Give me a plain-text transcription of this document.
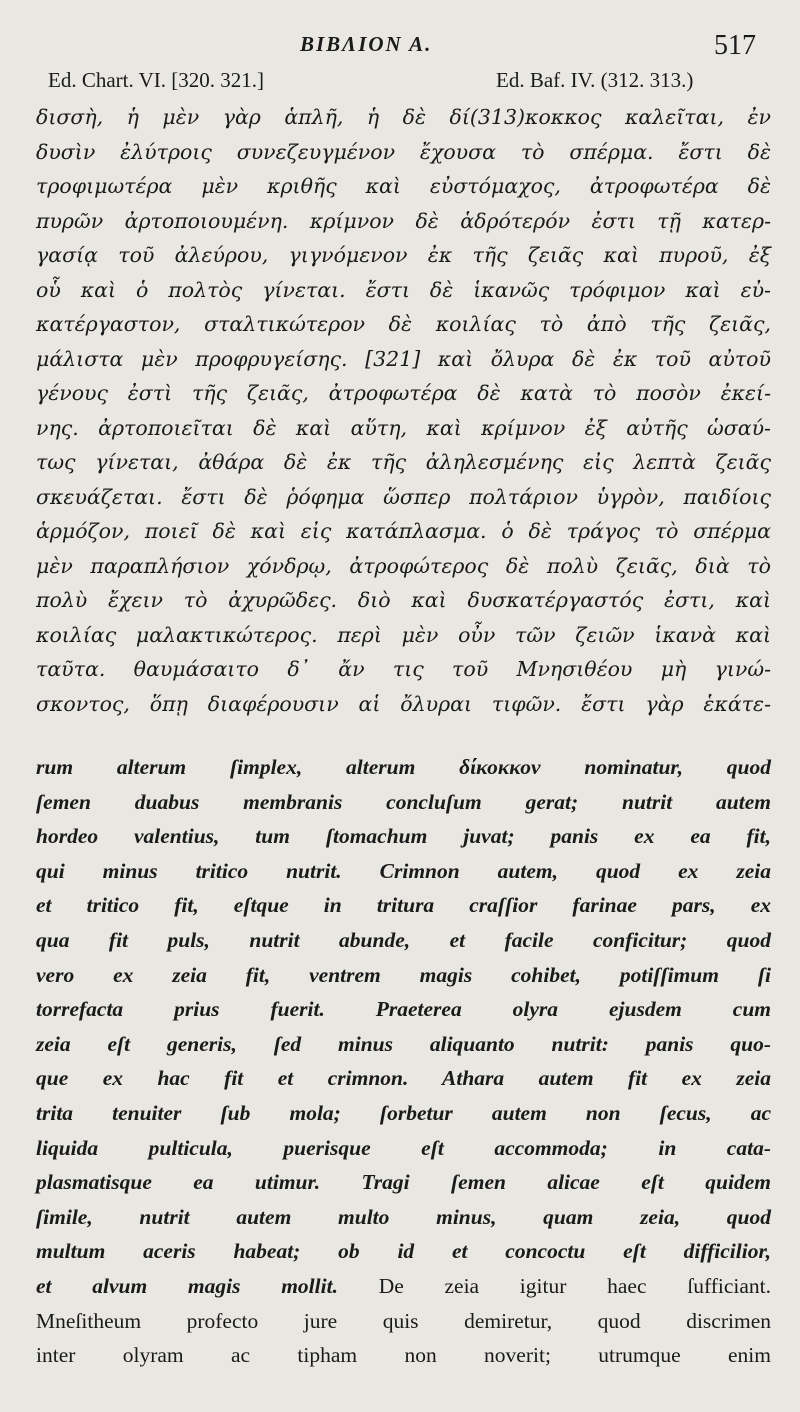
ΒΙΒΛΙΟΝ Α.	517
Ed. Chart. VI. [320. 321.]	Ed. Baf. IV. (312. 313.)
δισσὴ, ἡ μὲν γὰρ ἁπλῆ, ἡ δὲ δί(313)κοκκος καλεῖται, ἐν
δυσὶν ἐλύτροις συνεζευγμένον ἔχουσα τὸ σπέρμα. ἔστι δὲ
τροφιμωτέρα μὲν κριθῆς καὶ εὐστόμαχος, ἀτροφωτέρα δὲ
πυρῶν ἀρτοποιουμένη. κρίμνον δὲ ἁδρότερόν ἐστι τῇ κατερ-
γασίᾳ τοῦ ἀλεύρου, γιγνόμενον ἐκ τῆς ζειᾶς καὶ πυροῦ, ἐξ
οὗ καὶ ὁ πολτὸς γίνεται. ἔστι δὲ ἱκανῶς τρόφιμον καὶ εὐ-
κατέργαστον, σταλτικώτερον δὲ κοιλίας τὸ ἀπὸ τῆς ζειᾶς,
μάλιστα μὲν προφρυγείσης. [321] καὶ ὄλυρα δὲ ἐκ τοῦ αὐτοῦ
γένους ἐστὶ τῆς ζειᾶς, ἀτροφωτέρα δὲ κατὰ τὸ ποσὸν ἐκεί-
νης. ἀρτοποιεῖται δὲ καὶ αὕτη, καὶ κρίμνον ἐξ αὐτῆς ὡσαύ-
τως γίνεται, ἀθάρα δὲ ἐκ τῆς ἀληλεσμένης εἰς λεπτὰ ζειᾶς
σκευάζεται. ἔστι δὲ ῥόφημα ὥσπερ πολτάριον ὑγρὸν, παιδίοις
ἁρμόζον, ποιεῖ δὲ καὶ εἰς κατάπλασμα. ὁ δὲ τράγος τὸ σπέρμα
μὲν παραπλήσιον χόνδρῳ, ἀτροφώτερος δὲ πολὺ ζειᾶς, διὰ τὸ
πολὺ ἔχειν τὸ ἀχυρῶδες. διὸ καὶ δυσκατέργαστός ἐστι, καὶ
κοιλίας μαλακτικώτερος. περὶ μὲν οὖν τῶν ζειῶν ἱκανὰ καὶ
ταῦτα. θαυμάσαιτο δ᾽ ἄν τις τοῦ Μνησιθέου μὴ γινώ-
σκοντος, ὅπῃ διαφέρουσιν αἱ ὄλυραι τιφῶν. ἔστι γὰρ ἑκάτε-
rum alterum ſimplex, alterum δίκοκκον nominatur, quod
ſemen duabus membranis concluſum gerat; nutrit autem
hordeo valentius, tum ſtomachum juvat; panis ex ea fit,
qui minus tritico nutrit. Crimnon autem, quod ex zeia
et tritico fit, eſtque in tritura craſſior farinae pars, ex
qua fit puls, nutrit abunde, et facile conficitur; quod
vero ex zeia fit, ventrem magis cohibet, potiſſimum ſi
torrefacta prius fuerit. Praeterea olyra ejusdem cum
zeia eſt generis, ſed minus aliquanto nutrit: panis quo-
que ex hac fit et crimnon. Athara autem fit ex zeia
trita tenuiter ſub mola; ſorbetur autem non ſecus, ac
liquida pulticula, puerisque eſt accommoda; in cata-
plasmatisque ea utimur. Tragi ſemen alicae eſt quidem
ſimile, nutrit autem multo minus, quam zeia, quod
multum aceris habeat; ob id et concoctu eſt difficilior,
et alvum magis mollit. De zeia igitur haec ſufficiant.
Mneſitheum profecto jure quis demiretur, quod discrimen
inter olyram ac tipham non noverit; utrumque enim
